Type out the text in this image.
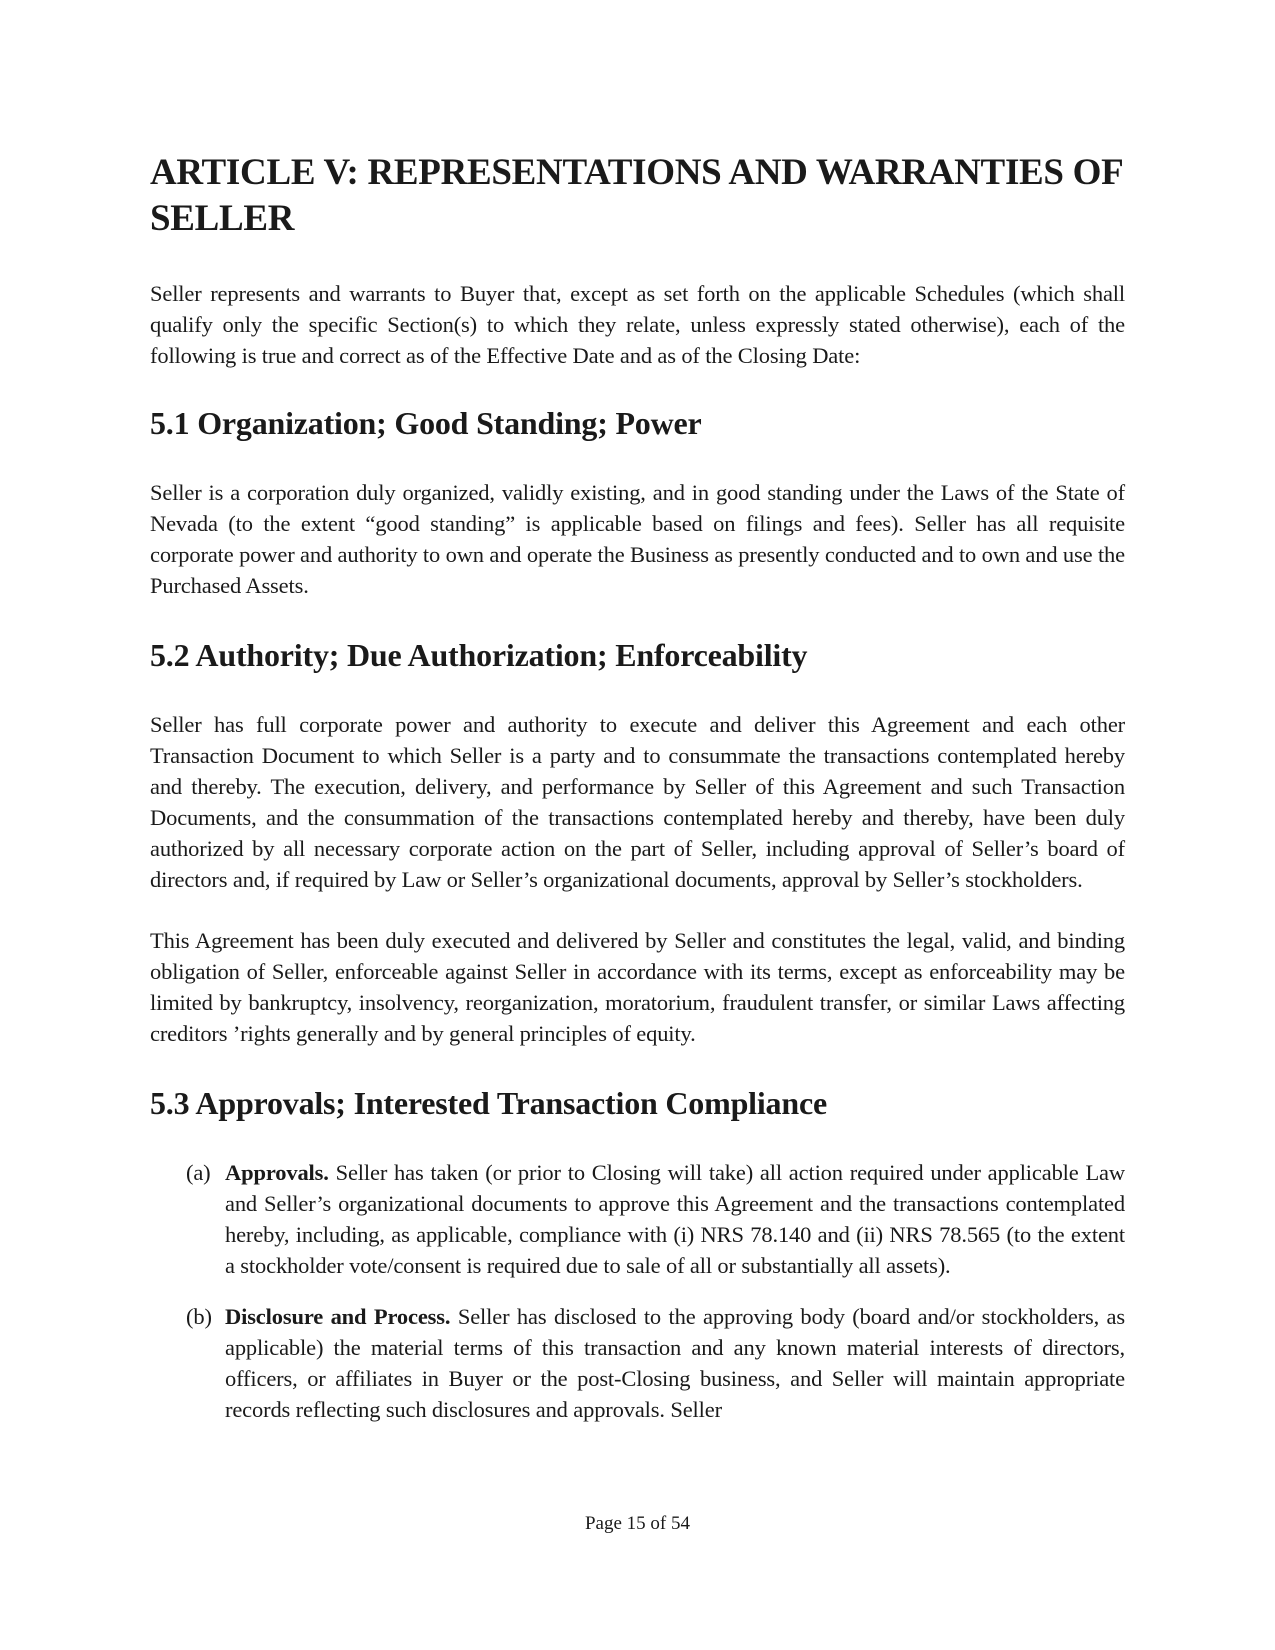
ARTICLE V: REPRESENTATIONS AND WARRANTIES OF SELLER

Seller represents and warrants to Buyer that, except as set forth on the applicable Schedules (which shall qualify only the specific Section(s) to which they relate, unless expressly stated otherwise), each of the following is true and correct as of the Effective Date and as of the Closing Date:

5.1 Organization; Good Standing; Power

Seller is a corporation duly organized, validly existing, and in good standing under the Laws of the State of Nevada (to the extent “good standing” is applicable based on filings and fees). Seller has all requisite corporate power and authority to own and operate the Business as presently conducted and to own and use the Purchased Assets.

5.2 Authority; Due Authorization; Enforceability

Seller has full corporate power and authority to execute and deliver this Agreement and each other Transaction Document to which Seller is a party and to consummate the transactions contemplated hereby and thereby. The execution, delivery, and performance by Seller of this Agreement and such Transaction Documents, and the consummation of the transactions contemplated hereby and thereby, have been duly authorized by all necessary corporate action on the part of Seller, including approval of Seller’s board of directors and, if required by Law or Seller’s organizational documents, approval by Seller’s stockholders.

This Agreement has been duly executed and delivered by Seller and constitutes the legal, valid, and binding obligation of Seller, enforceable against Seller in accordance with its terms, except as enforceability may be limited by bankruptcy, insolvency, reorganization, moratorium, fraudulent transfer, or similar Laws affecting creditors ’rights generally and by general principles of equity.

5.3 Approvals; Interested Transaction Compliance
(a) Approvals. Seller has taken (or prior to Closing will take) all action required under applicable Law and Seller’s organizational documents to approve this Agreement and the transactions contemplated hereby, including, as applicable, compliance with (i) NRS 78.140 and (ii) NRS 78.565 (to the extent a stockholder vote/consent is required due to sale of all or substantially all assets).
(b) Disclosure and Process. Seller has disclosed to the approving body (board and/or stockholders, as applicable) the material terms of this transaction and any known material interests of directors, officers, or affiliates in Buyer or the post-Closing business, and Seller will maintain appropriate records reflecting such disclosures and approvals. Seller
Page 15 of 54
